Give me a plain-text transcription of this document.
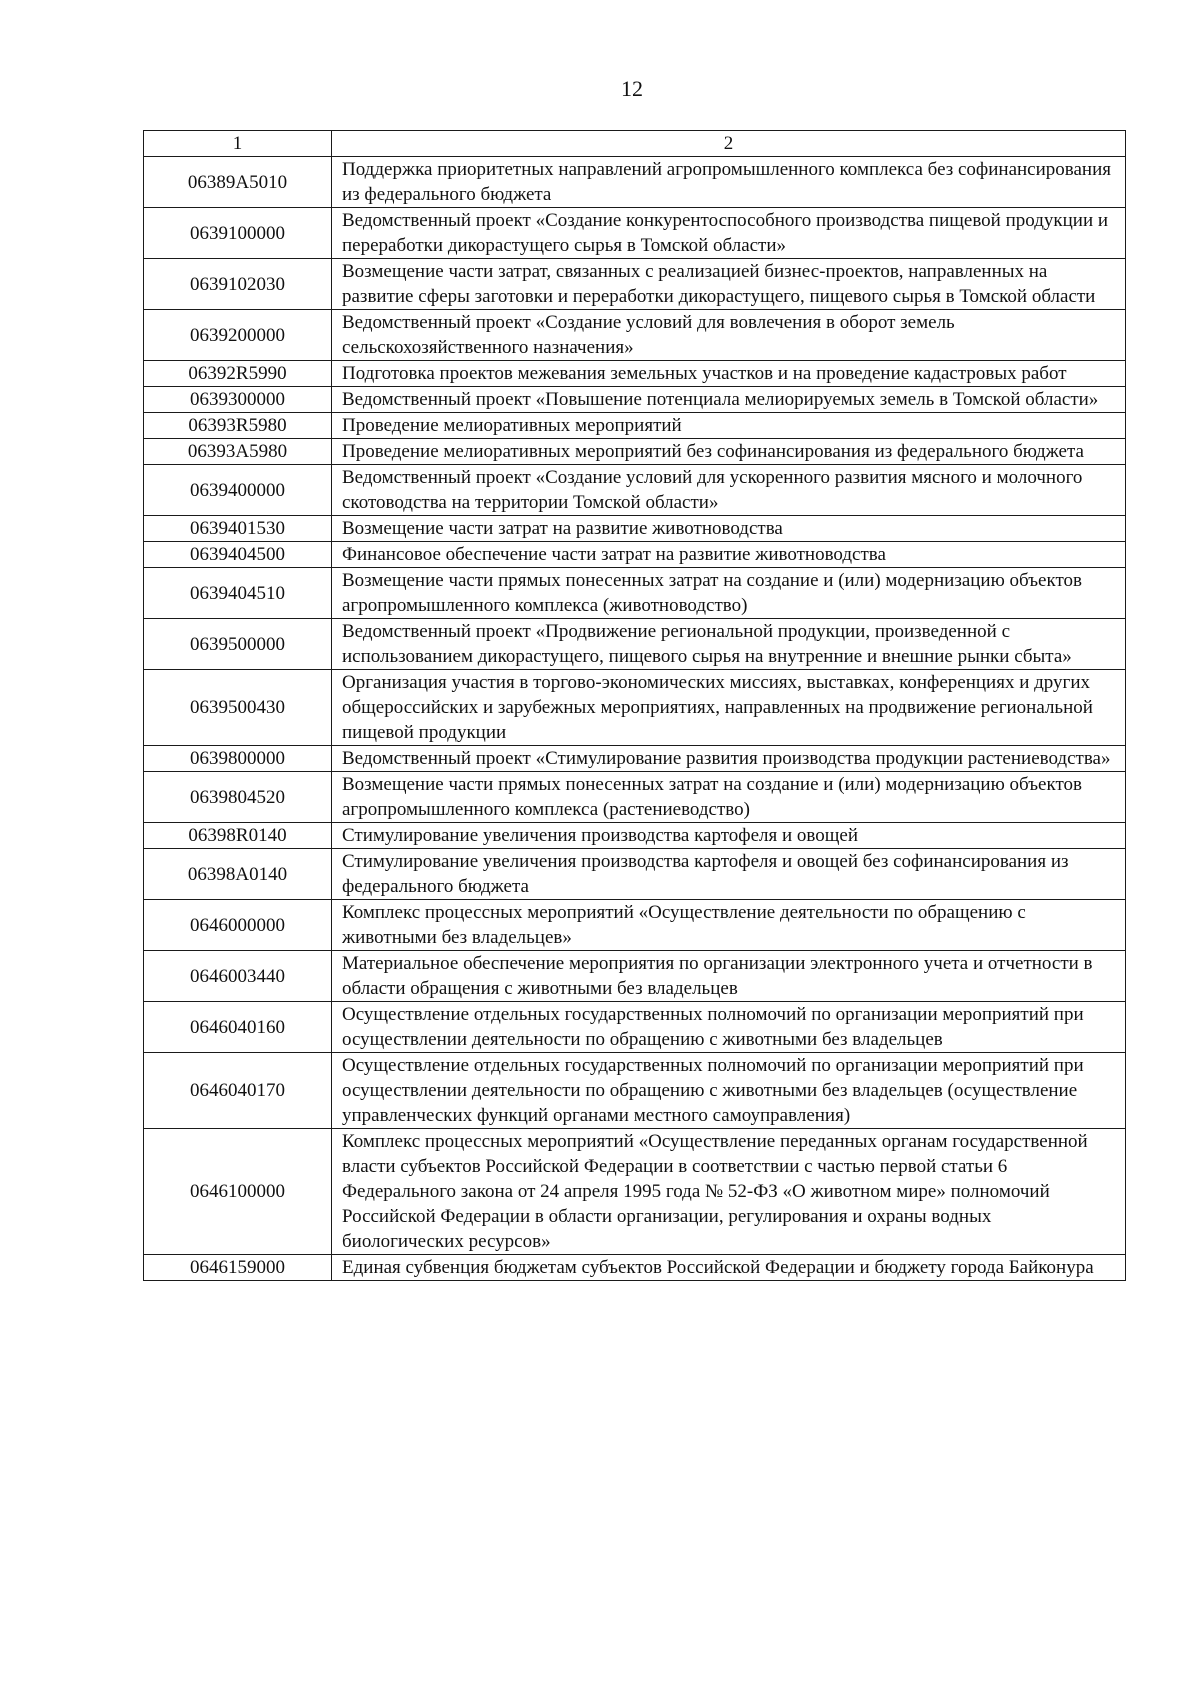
12
1	2
06389A5010	Поддержка приоритетных направлений агропромышленного комплекса без софинансирования из федерального бюджета
0639100000	Ведомственный проект «Создание конкурентоспособного производства пищевой продукции и переработки дикорастущего сырья в Томской области»
0639102030	Возмещение части затрат, связанных с реализацией бизнес-проектов, направленных на развитие сферы заготовки и переработки дикорастущего, пищевого сырья в Томской области
0639200000	Ведомственный проект «Создание условий для вовлечения в оборот земель сельскохозяйственного назначения»
06392R5990	Подготовка проектов межевания земельных участков и на проведение кадастровых работ
0639300000	Ведомственный проект «Повышение потенциала мелиорируемых земель в Томской области»
06393R5980	Проведение мелиоративных мероприятий
06393A5980	Проведение мелиоративных мероприятий без софинансирования из федерального бюджета
0639400000	Ведомственный проект «Создание условий для ускоренного развития мясного и молочного скотоводства на территории Томской области»
0639401530	Возмещение части затрат на развитие животноводства
0639404500	Финансовое обеспечение части затрат на развитие животноводства
0639404510	Возмещение части прямых понесенных затрат на создание и (или) модернизацию объектов агропромышленного комплекса (животноводство)
0639500000	Ведомственный проект «Продвижение региональной продукции, произведенной с использованием дикорастущего, пищевого сырья на внутренние и внешние рынки сбыта»
0639500430	Организация участия в торгово-экономических миссиях, выставках, конференциях и других общероссийских и зарубежных мероприятиях, направленных на продвижение региональной пищевой продукции
0639800000	Ведомственный проект «Стимулирование развития производства продукции растениеводства»
0639804520	Возмещение части прямых понесенных затрат на создание и (или) модернизацию объектов агропромышленного комплекса (растениеводство)
06398R0140	Стимулирование увеличения производства картофеля и овощей
06398A0140	Стимулирование увеличения производства картофеля и овощей без софинансирования из федерального бюджета
0646000000	Комплекс процессных мероприятий «Осуществление деятельности по обращению с животными без владельцев»
0646003440	Материальное обеспечение мероприятия по организации электронного учета и отчетности в области обращения с животными без владельцев
0646040160	Осуществление отдельных государственных полномочий по организации мероприятий при осуществлении деятельности по обращению с животными без владельцев
0646040170	Осуществление отдельных государственных полномочий по организации мероприятий при осуществлении деятельности по обращению с животными без владельцев (осуществление управленческих функций органами местного самоуправления)
0646100000	Комплекс процессных мероприятий «Осуществление переданных органам государственной власти субъектов Российской Федерации в соответствии с частью первой статьи 6 Федерального закона от 24 апреля 1995 года № 52-ФЗ «О животном мире» полномочий Российской Федерации в области организации, регулирования и охраны водных биологических ресурсов»
0646159000	Единая субвенция бюджетам субъектов Российской Федерации и бюджету города Байконура
